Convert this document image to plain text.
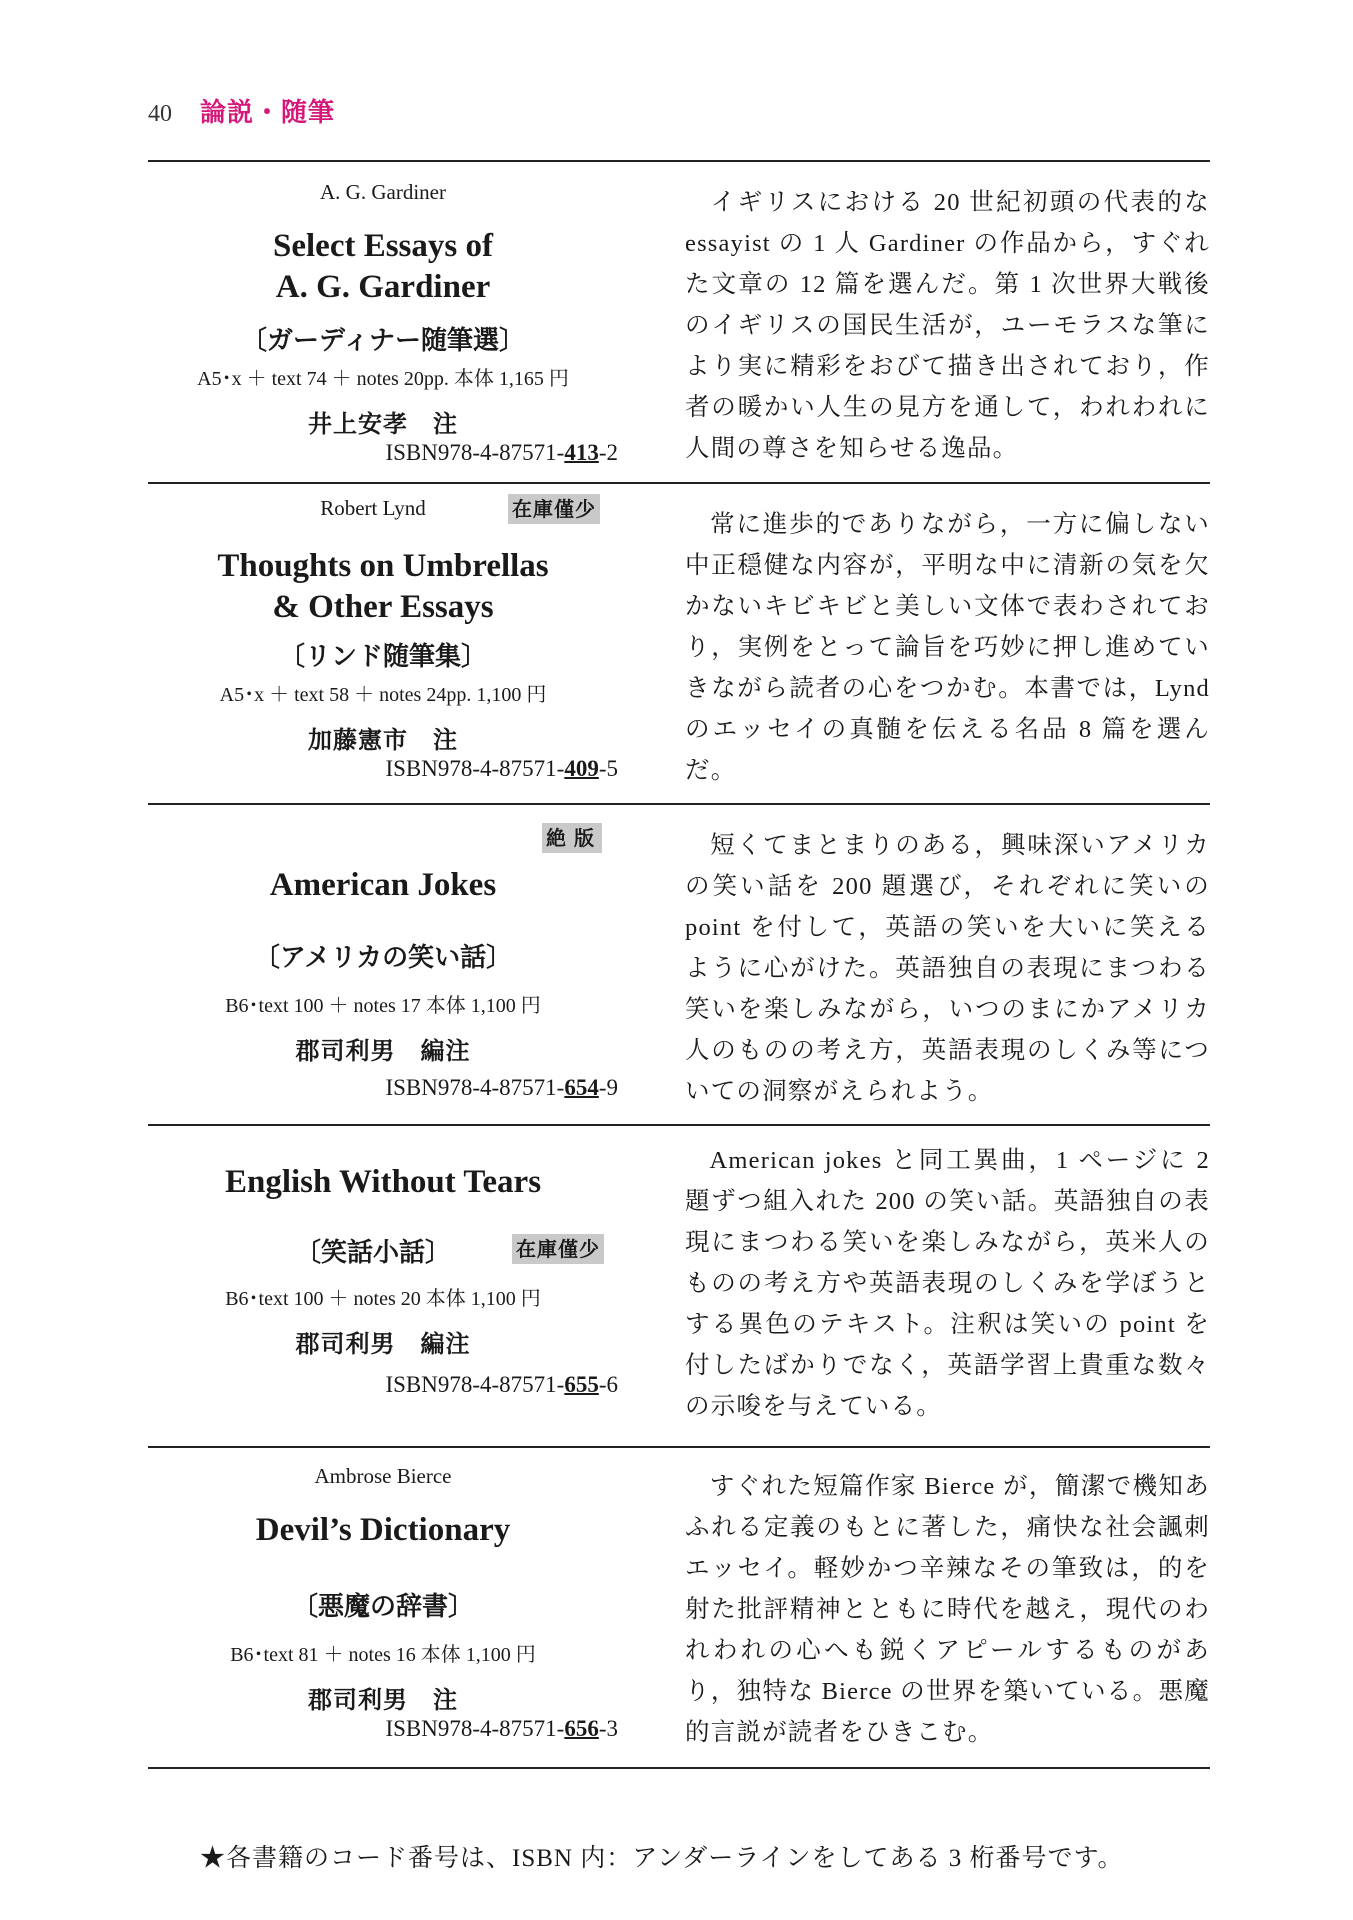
40 論説・随筆
A. G. Gardiner
Select Essays of
A. G. Gardiner
〔ガーディナー随筆選〕
A5･x ＋ text 74 ＋ notes 20pp. 本体 1,165 円
井上安孝　注
ISBN978-4-87571-413-2
イギリスにおける 20 世紀初頭の代表的な essayist の 1 人 Gardiner の作品から，すぐれた文章の 12 篇を選んだ。第 1 次世界大戦後のイギリスの国民生活が，ユーモラスな筆により実に精彩をおびて描き出されており，作者の暖かい人生の見方を通して，われわれに人間の尊さを知らせる逸品。
Robert Lynd	在庫僅少
Thoughts on Umbrellas
& Other Essays
〔リンド随筆集〕
A5･x ＋ text 58 ＋ notes 24pp. 1,100 円
加藤憲市　注
ISBN978-4-87571-409-5
常に進歩的でありながら，一方に偏しない中正穏健な内容が，平明な中に清新の気を欠かないキビキビと美しい文体で表わされており，実例をとって論旨を巧妙に押し進めていきながら読者の心をつかむ。本書では，Lynd のエッセイの真髄を伝える名品 8 篇を選んだ。
絶版
American Jokes
〔アメリカの笑い話〕
B6･text 100 ＋ notes 17 本体 1,100 円
郡司利男　編注
ISBN978-4-87571-654-9
短くてまとまりのある，興味深いアメリカの笑い話を 200 題選び，それぞれに笑いの point を付して，英語の笑いを大いに笑えるように心がけた。英語独自の表現にまつわる笑いを楽しみながら，いつのまにかアメリカ人のものの考え方，英語表現のしくみ等についての洞察がえられよう。
English Without Tears
〔笑話小話〕	在庫僅少
B6･text 100 ＋ notes 20 本体 1,100 円
郡司利男　編注
ISBN978-4-87571-655-6
American jokes と同工異曲，1 ページに 2 題ずつ組入れた 200 の笑い話。英語独自の表現にまつわる笑いを楽しみながら，英米人のものの考え方や英語表現のしくみを学ぼうとする異色のテキスト。注釈は笑いの point を付したばかりでなく，英語学習上貴重な数々の示唆を与えている。
Ambrose Bierce
Devil’s Dictionary
〔悪魔の辞書〕
B6･text 81 ＋ notes 16 本体 1,100 円
郡司利男　注
ISBN978-4-87571-656-3
すぐれた短篇作家 Bierce が，簡潔で機知あふれる定義のもとに著した，痛快な社会諷刺エッセイ。軽妙かつ辛辣なその筆致は，的を射た批評精神とともに時代を越え，現代のわれわれの心へも鋭くアピールするものがあり，独特な Bierce の世界を築いている。悪魔的言説が読者をひきこむ。
★各書籍のコード番号は、ISBN 内：アンダーラインをしてある 3 桁番号です。
